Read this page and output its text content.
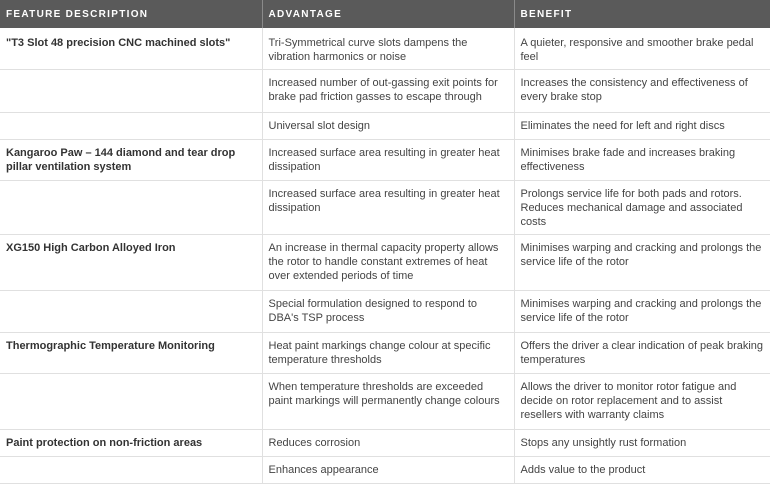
FEATURE DESCRIPTION	ADVANTAGE	BENEFIT
"T3 Slot 48 precision CNC machined slots"	Tri-Symmetrical curve slots dampens the vibration harmonics or noise	A quieter, responsive and smoother brake pedal feel
	Increased number of out-gassing exit points for brake pad friction gasses to escape through	Increases the consistency and effectiveness of every brake stop
	Universal slot design	Eliminates the need for left and right discs
Kangaroo Paw – 144 diamond and tear drop pillar ventilation system	Increased surface area resulting in greater heat dissipation	Minimises brake fade and increases braking effectiveness
	Increased surface area resulting in greater heat dissipation	Prolongs service life for both pads and rotors. Reduces mechanical damage and associated costs
XG150 High Carbon Alloyed Iron	An increase in thermal capacity property allows the rotor to handle constant extremes of heat over extended periods of time	Minimises warping and cracking and prolongs the service life of the rotor
	Special formulation designed to respond to DBA's TSP process	Minimises warping and cracking and prolongs the service life of the rotor
Thermographic Temperature Monitoring	Heat paint markings change colour at specific temperature thresholds	Offers the driver a clear indication of peak braking temperatures
	When temperature thresholds are exceeded paint markings will permanently change colours	Allows the driver to monitor rotor fatigue and decide on rotor replacement and to assist resellers with warranty claims
Paint protection on non-friction areas	Reduces corrosion	Stops any unsightly rust formation
	Enhances appearance	Adds value to the product
